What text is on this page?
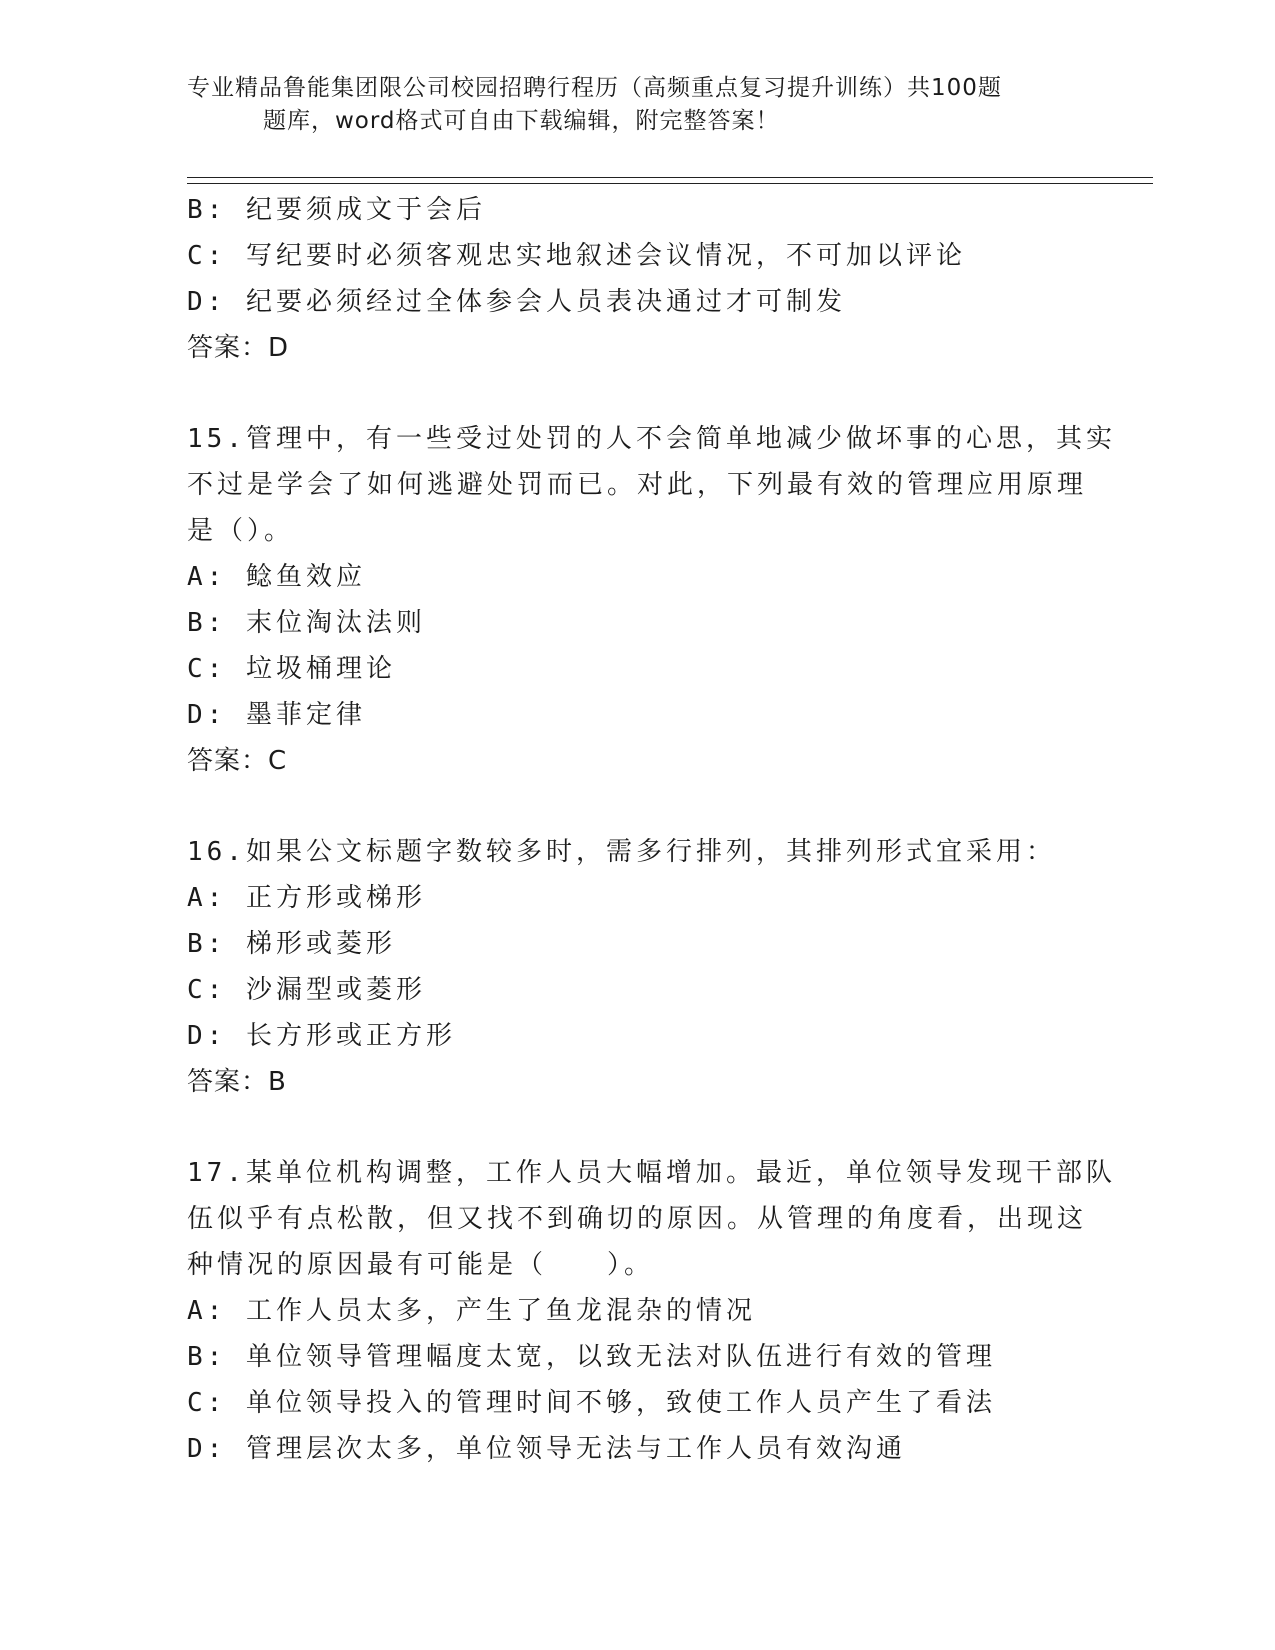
专业精品鲁能集团限公司校园招聘行程历（高频重点复习提升训练）共100题
题库，word格式可自由下载编辑，附完整答案！
B: 纪要须成文于会后
C: 写纪要时必须客观忠实地叙述会议情况，不可加以评论
D: 纪要必须经过全体参会人员表决通过才可制发
答案：D
15.管理中，有一些受过处罚的人不会简单地减少做坏事的心思，其实
不过是学会了如何逃避处罚而已。对此，下列最有效的管理应用原理
是（）。
A: 鲶鱼效应
B: 末位淘汰法则
C: 垃圾桶理论
D: 墨菲定律
答案：C
16.如果公文标题字数较多时，需多行排列，其排列形式宜采用：
A: 正方形或梯形
B: 梯形或菱形
C: 沙漏型或菱形
D: 长方形或正方形
答案：B
17.某单位机构调整，工作人员大幅增加。最近，单位领导发现干部队
伍似乎有点松散，但又找不到确切的原因。从管理的角度看，出现这
种情况的原因最有可能是（　　）。
A: 工作人员太多，产生了鱼龙混杂的情况
B: 单位领导管理幅度太宽，以致无法对队伍进行有效的管理
C: 单位领导投入的管理时间不够，致使工作人员产生了看法
D: 管理层次太多，单位领导无法与工作人员有效沟通
